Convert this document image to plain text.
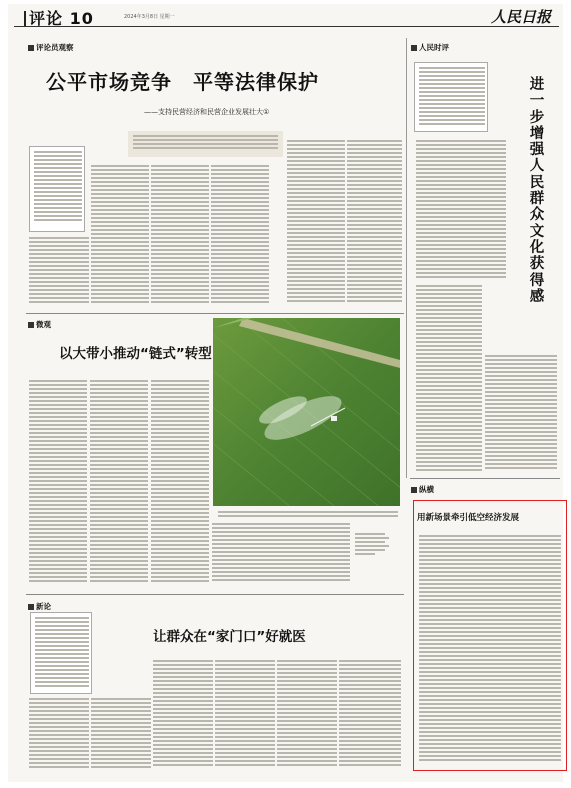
评论 10	2024年3月8日 星期一	人民日报
评论员观察	人民时评
微观
新论
纵横
公平市场竞争　平等法律保护
——支持民营经济和民营企业发展壮大①
进一步增强人民群众文化获得感
以大带小推动“链式”转型
让群众在“家门口”好就医
用新场景牵引低空经济发展
